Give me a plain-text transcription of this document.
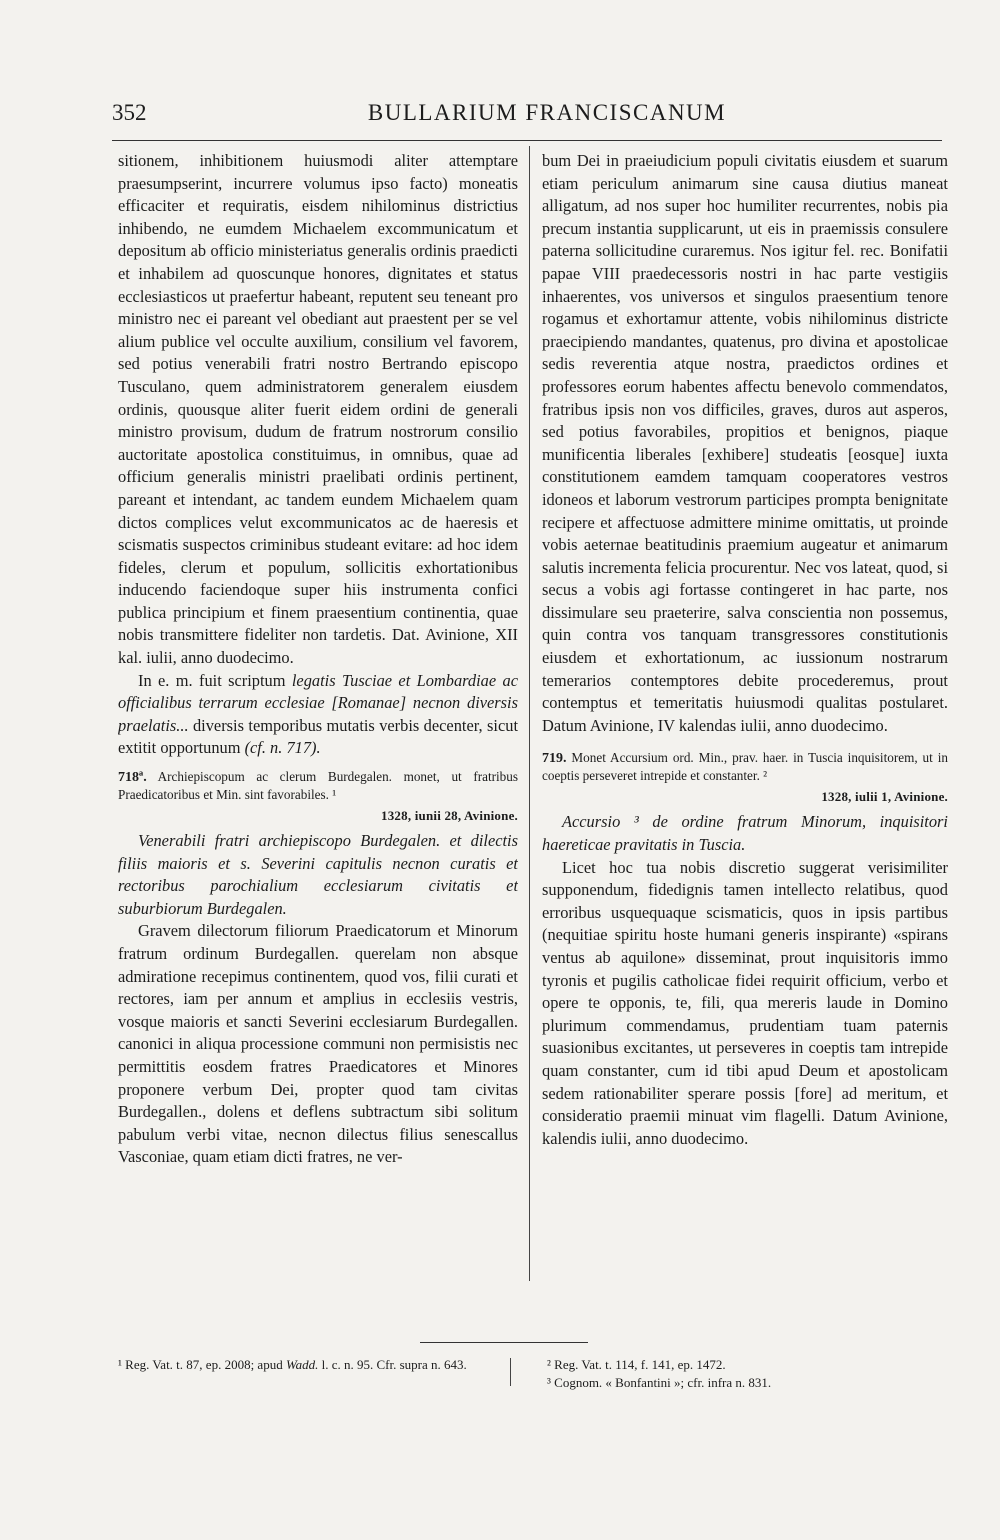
352	BULLARIUM FRANCISCANUM

sitionem, inhibitionem huiusmodi aliter attemptare praesumpserint, incurrere volumus ipso facto) moneatis efficaciter et requiratis, eisdem nihilominus districtius inhibendo, ne eumdem Michaelem excommunicatum et depositum ab officio ministeriatus generalis ordinis praedicti et inhabilem ad quoscunque honores, dignitates et status ecclesiasticos ut praefertur habeant, reputent seu teneant pro ministro nec ei pareant vel obediant aut praestent per se vel alium publice vel occulte auxilium, consilium vel favorem, sed potius venerabili fratri nostro Bertrando episcopo Tusculano, quem administratorem generalem eiusdem ordinis, quousque aliter fuerit eidem ordini de generali ministro provisum, dudum de fratrum nostrorum consilio auctoritate apostolica constituimus, in omnibus, quae ad officium generalis ministri praelibati ordinis pertinent, pareant et intendant, ac tandem eundem Michaelem quam dictos complices velut excommunicatos ac de haeresis et scismatis suspectos criminibus studeant evitare: ad hoc idem fideles, clerum et populum, sollicitis exhortationibus inducendo faciendoque super hiis instrumenta confici publica principium et finem praesentium continentia, quae nobis transmittere fideliter non tardetis. Dat. Avinione, XII kal. iulii, anno duodecimo.

In e. m. fuit scriptum legatis Tusciae et Lombardiae ac officialibus terrarum ecclesiae [Romanae] necnon diversis praelatis... diversis temporibus mutatis verbis decenter, sicut extitit opportunum (cf. n. 717).

718ª. Archiepiscopum ac clerum Burdegalen. monet, ut fratribus Praedicatoribus et Min. sint favorabiles. ¹
1328, iunii 28, Avinione.

Venerabili fratri archiepiscopo Burdegalen. et dilectis filiis maioris et s. Severini capitulis necnon curatis et rectoribus parochialium ecclesiarum civitatis et suburbiorum Burdegalen.

Gravem dilectorum filiorum Praedicatorum et Minorum fratrum ordinum Burdegallen. querelam non absque admiratione recepimus continentem, quod vos, filii curati et rectores, iam per annum et amplius in ecclesiis vestris, vosque maioris et sancti Severini ecclesiarum Burdegallen. canonici in aliqua processione communi non permisistis nec permittitis eosdem fratres Praedicatores et Minores proponere verbum Dei, propter quod tam civitas Burdegallen., dolens et deflens subtractum sibi solitum pabulum verbi vitae, necnon dilectus filius senescallus Vasconiae, quam etiam dicti fratres, ne ver-

bum Dei in praeiudicium populi civitatis eiusdem et suarum etiam periculum animarum sine causa diutius maneat alligatum, ad nos super hoc humiliter recurrentes, nobis pia precum instantia supplicarunt, ut eis in praemissis consulere paterna sollicitudine curaremus. Nos igitur fel. rec. Bonifatii papae VIII praedecessoris nostri in hac parte vestigiis inhaerentes, vos universos et singulos praesentium tenore rogamus et exhortamur attente, vobis nihilominus districte praecipiendo mandantes, quatenus, pro divina et apostolicae sedis reverentia atque nostra, praedictos ordines et professores eorum habentes affectu benevolo commendatos, fratribus ipsis non vos difficiles, graves, duros aut asperos, sed potius favorabiles, propitios et benignos, piaque munificentia liberales [exhibere] studeatis [eosque] iuxta constitutionem eamdem tamquam cooperatores vestros idoneos et laborum vestrorum participes prompta benignitate recipere et affectuose admittere minime omittatis, ut proinde vobis aeternae beatitudinis praemium augeatur et animarum salutis incrementa felicia procurentur. Nec vos lateat, quod, si secus a vobis agi fortasse contingeret in hac parte, nos dissimulare seu praeterire, salva conscientia non possemus, quin contra vos tanquam transgressores constitutionis eiusdem et exhortationum, ac iussionum nostrarum temerarios contemptores debite procederemus, prout contemptus et temeritatis huiusmodi qualitas postularet. Datum Avinione, IV kalendas iulii, anno duodecimo.

719. Monet Accursium ord. Min., prav. haer. in Tuscia inquisitorem, ut in coeptis perseveret intrepide et constanter. ²
1328, iulii 1, Avinione.

Accursio ³ de ordine fratrum Minorum, inquisitori haereticae pravitatis in Tuscia.

Licet hoc tua nobis discretio suggerat verisimiliter supponendum, fidedignis tamen intellecto relatibus, quod erroribus usquequaque scismaticis, quos in ipsis partibus (nequitiae spiritu hoste humani generis inspirante) «spirans ventus ab aquilone» disseminat, prout inquisitoris immo tyronis et pugilis catholicae fidei requirit officium, verbo et opere te opponis, te, fili, qua mereris laude in Domino plurimum commendamus, prudentiam tuam paternis suasionibus excitantes, ut perseveres in coeptis tam intrepide quam constanter, cum id tibi apud Deum et apostolicam sedem rationabiliter sperare possis [fore] ad meritum, et consideratio praemii minuat vim flagelli. Datum Avinione, kalendis iulii, anno duodecimo.

¹ Reg. Vat. t. 87, ep. 2008; apud Wadd. l. c. n. 95. Cfr. supra n. 643.	² Reg. Vat. t. 114, f. 141, ep. 1472.
³ Cognom. « Bonfantini »; cfr. infra n. 831.
